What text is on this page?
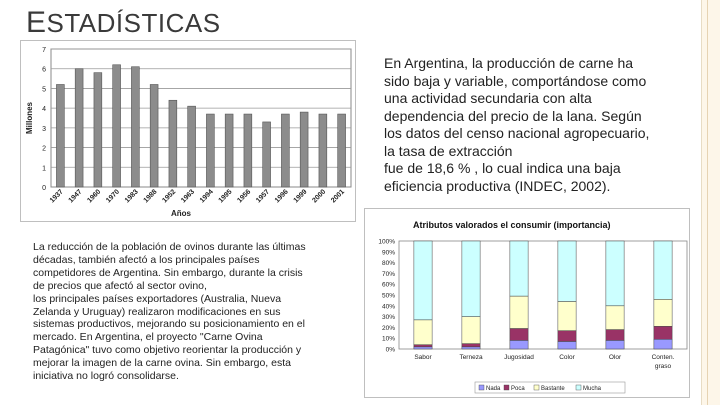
ESTADÍSTICAS
0
1
2
3
4
5
6
7
Millones
1937 1947 1960 1970 1983 1988 1952 1963 1994 1995 1956 1957 1996 1999 2000 2001
Años
En Argentina, la producción de carne ha
sido baja y variable, comportándose como
una actividad secundaria con alta
dependencia del precio de la lana. Según
los datos del censo nacional agropecuario,
la tasa de extracción
fue de 18,6 % , lo cual indica una baja
eficiencia productiva (INDEC, 2002).
La reducción de la población de ovinos durante las últimas
décadas, también afectó a los principales países
competidores de Argentina. Sin embargo, durante la crisis
de precios que afectó al sector ovino,
los principales países exportadores (Australia, Nueva
Zelanda y Uruguay) realizaron modificaciones en sus
sistemas productivos, mejorando su posicionamiento en el
mercado. En Argentina, el proyecto "Carne Ovina
Patagónica" tuvo como objetivo reorientar la producción y
mejorar la imagen de la carne ovina. Sin embargo, esta
iniciativa no logró consolidarse.
Atributos valorados el consumir (importancia)
0%
10%
20%
30%
40%
50%
60%
70%
80%
90%
100%
Sabor	Terneza	Jugosidad	Color	Olor	Conten. graso
Nada Poca	Bastante	Mucha
